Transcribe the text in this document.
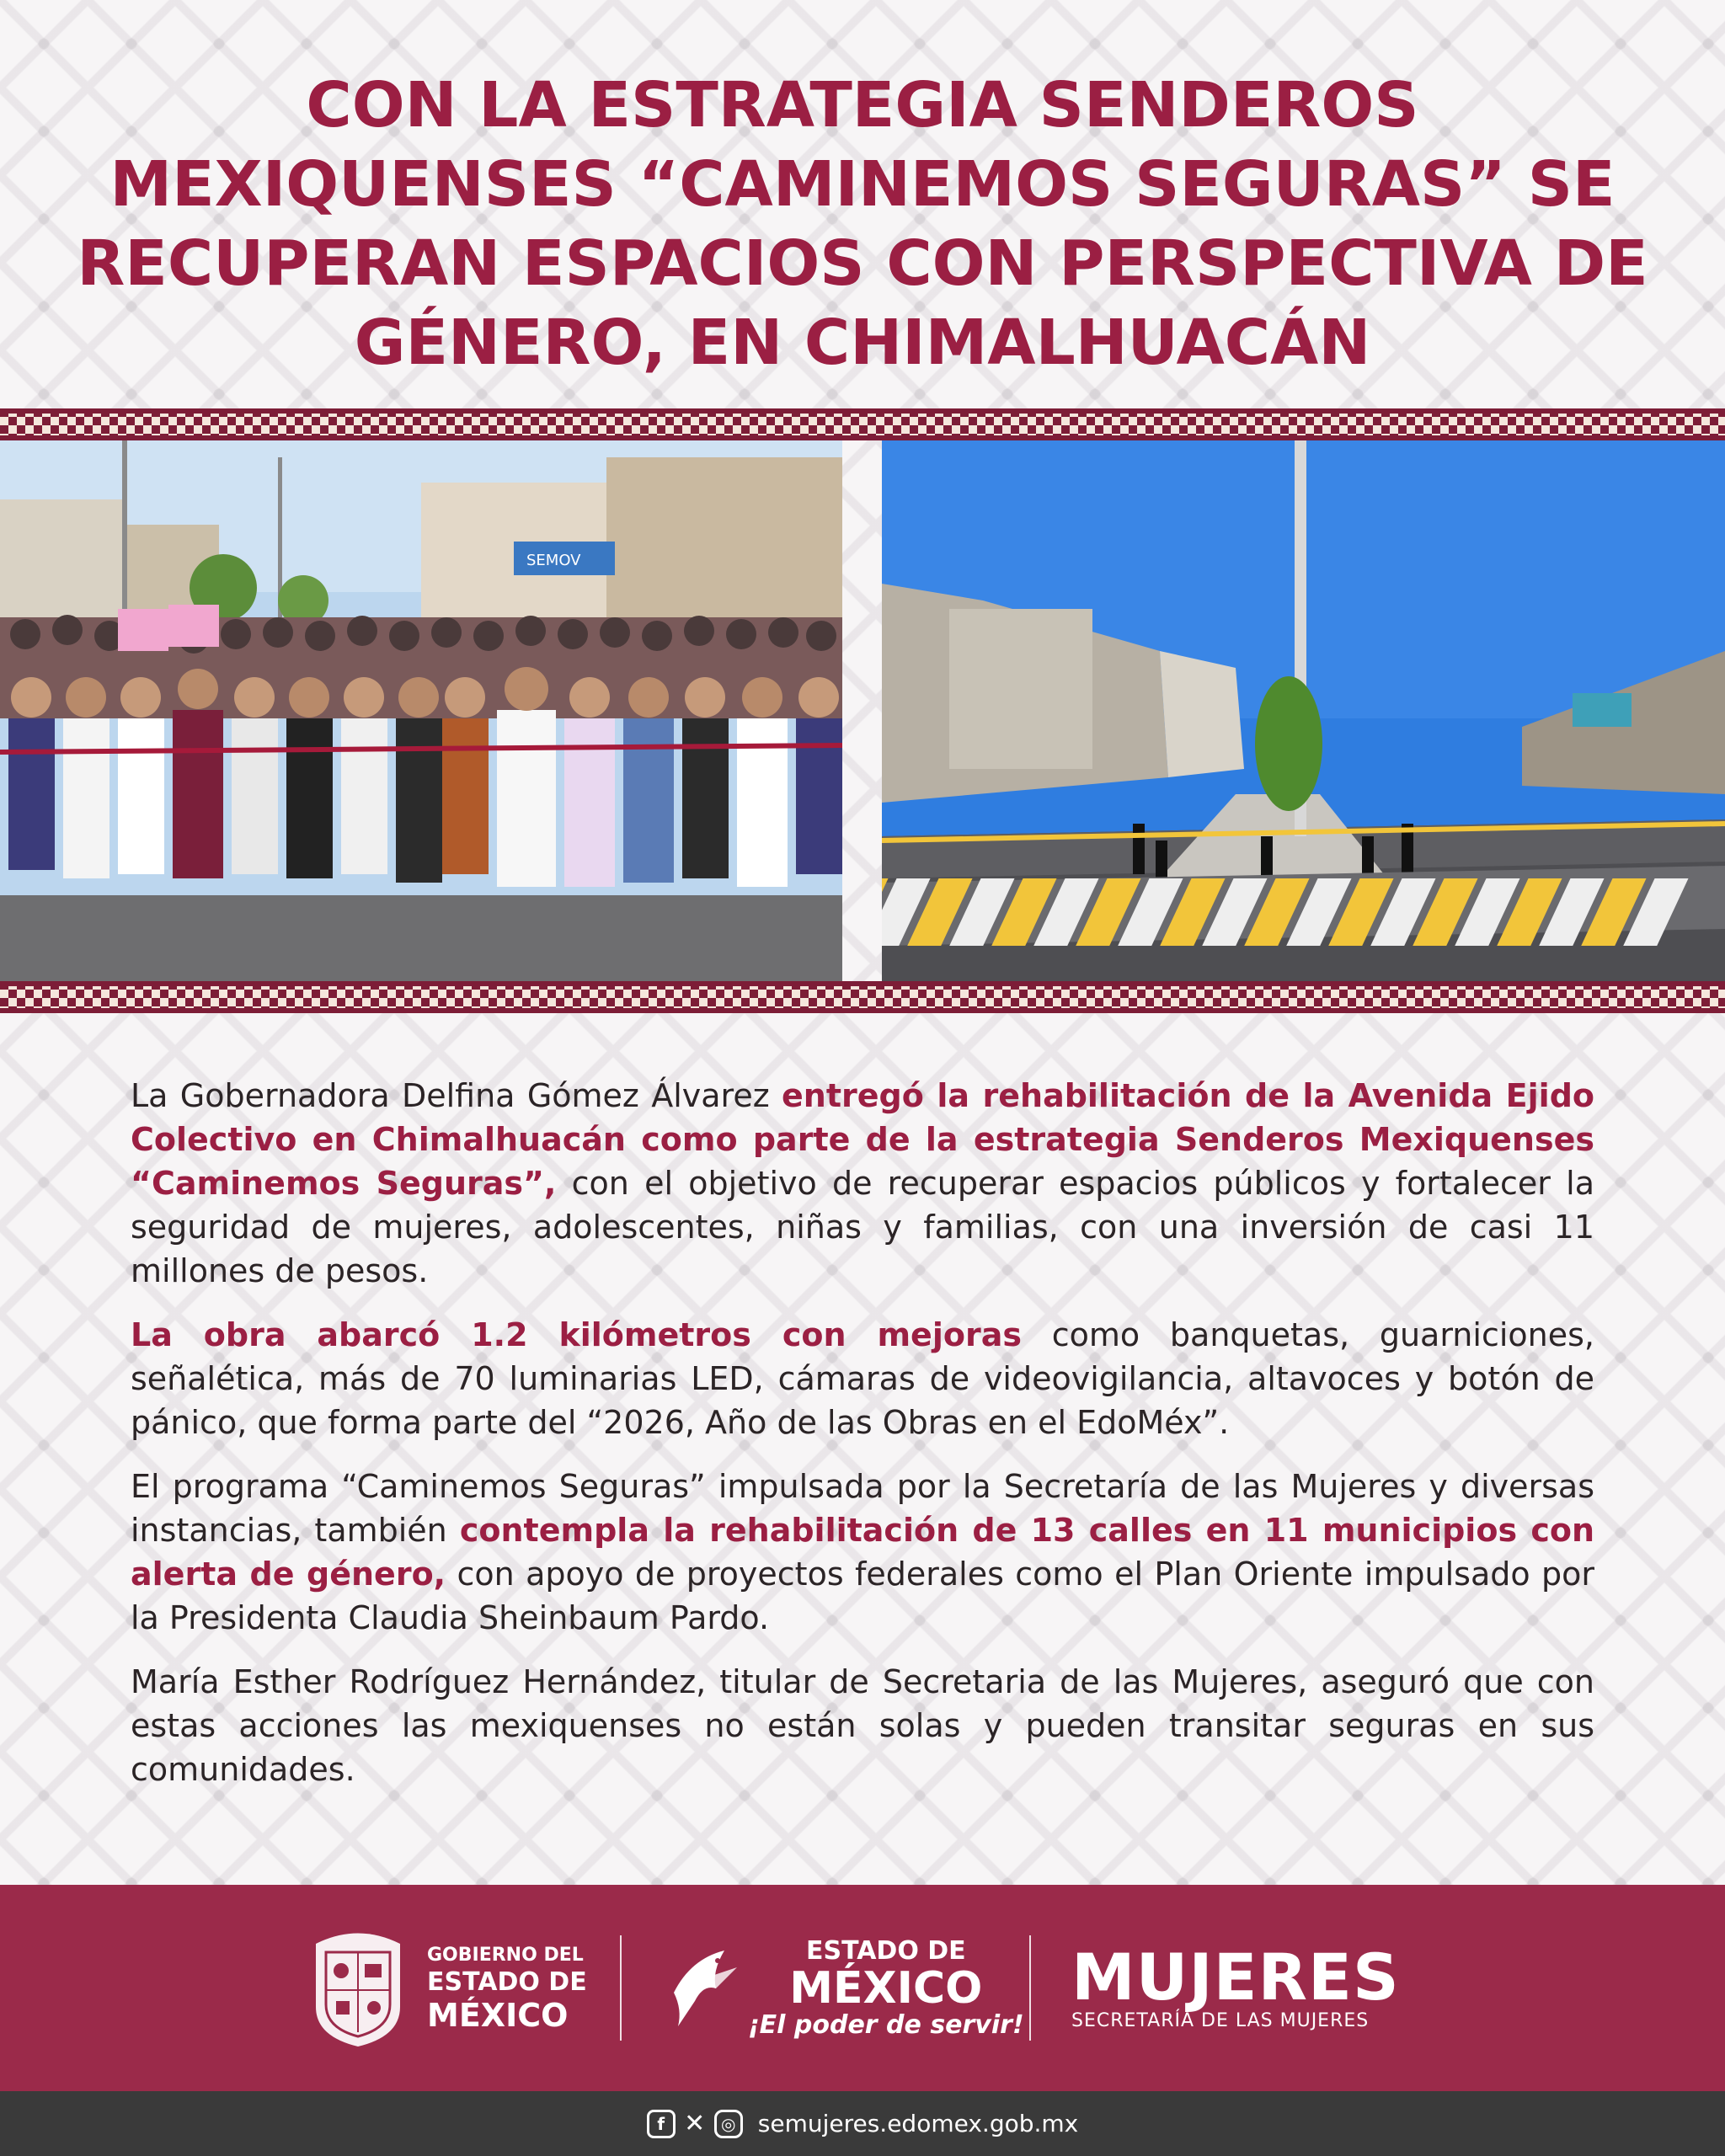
CON LA ESTRATEGIA SENDEROS MEXIQUENSES “CAMINEMOS SEGURAS” SE RECUPERAN ESPACIOS CON PERSPECTIVA DE GÉNERO, EN CHIMALHUACÁN
SEMOV

La Gobernadora Delfina Gómez Álvarez entregó la rehabilitación de la Avenida Ejido Colectivo en Chimalhuacán como parte de la estrategia Senderos Mexiquenses “Caminemos Seguras”, con el objetivo de recuperar espacios públicos y fortalecer la seguridad de mujeres, adolescentes, niñas y familias, con una inversión de casi 11 millones de pesos.

La obra abarcó 1.2 kilómetros con mejoras como banquetas, guarniciones, señalética, más de 70 luminarias LED, cámaras de videovigilancia, altavoces y botón de pánico, que forma parte del “2026, Año de las Obras en el EdoMéx”.

El programa “Caminemos Seguras” impulsada por la Secretaría de las Mujeres y diversas instancias, también contempla la rehabilitación de 13 calles en 11 municipios con alerta de género, con apoyo de proyectos federales como el Plan Oriente impulsado por la Presidenta Claudia Sheinbaum Pardo.

María Esther Rodríguez Hernández, titular de Secretaria de las Mujeres, aseguró que con estas acciones las mexiquenses no están solas y pueden transitar seguras en sus comunidades.

GOBIERNO DEL
ESTADO DE
MÉXICO
ESTADO DE
MÉXICO
¡El poder de servir!
MUJERES
SECRETARÍA DE LAS MUJERES
f ✕ ◎ semujeres.edomex.gob.mx
